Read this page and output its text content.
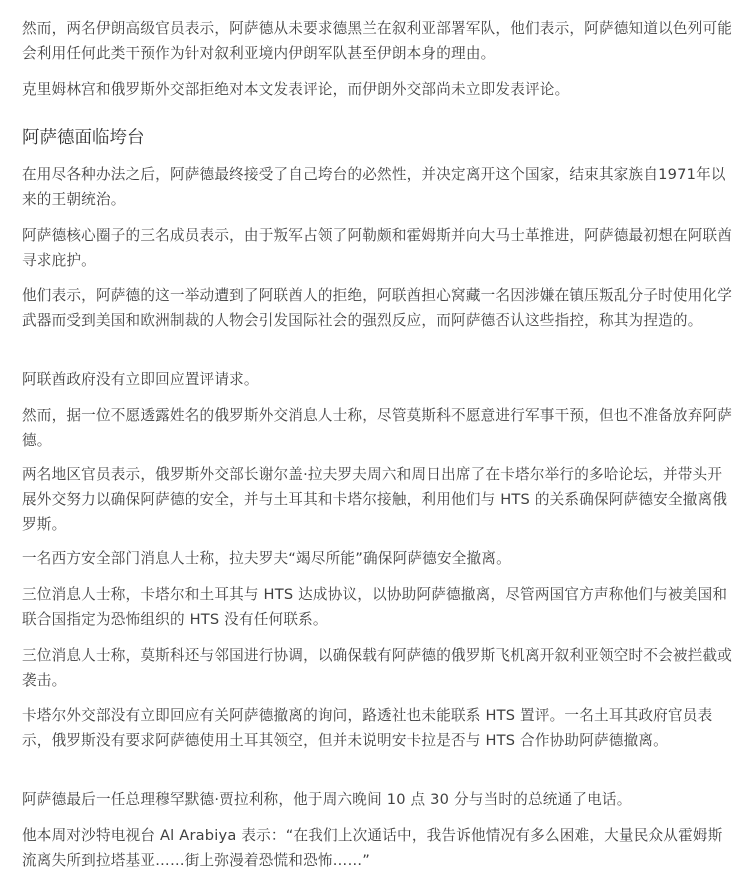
然而，两名伊朗高级官员表示，阿萨德从未要求德黑兰在叙利亚部署军队，他们表示，阿萨德知道以色列可能会利用任何此类干预作为针对叙利亚境内伊朗军队甚至伊朗本身的理由。

克里姆林宫和俄罗斯外交部拒绝对本文发表评论，而伊朗外交部尚未立即发表评论。

阿萨德面临垮台

在用尽各种办法之后，阿萨德最终接受了自己垮台的必然性，并决定离开这个国家，结束其家族自1971年以来的王朝统治。

阿萨德核心圈子的三名成员表示，由于叛军占领了阿勒颇和霍姆斯并向大马士革推进，阿萨德最初想在阿联酋寻求庇护。

他们表示，阿萨德的这一举动遭到了阿联酋人的拒绝，阿联酋担心窝藏一名因涉嫌在镇压叛乱分子时使用化学武器而受到美国和欧洲制裁的人物会引发国际社会的强烈反应，而阿萨德否认这些指控，称其为捏造的。

阿联酋政府没有立即回应置评请求。

然而，据一位不愿透露姓名的俄罗斯外交消息人士称，尽管莫斯科不愿意进行军事干预，但也不准备放弃阿萨德。

两名地区官员表示，俄罗斯外交部长谢尔盖·拉夫罗夫周六和周日出席了在卡塔尔举行的多哈论坛，并带头开展外交努力以确保阿萨德的安全，并与土耳其和卡塔尔接触，利用他们与 HTS 的关系确保阿萨德安全撤离俄罗斯。

一名西方安全部门消息人士称，拉夫罗夫“竭尽所能”确保阿萨德安全撤离。

三位消息人士称，卡塔尔和土耳其与 HTS 达成协议，以协助阿萨德撤离，尽管两国官方声称他们与被美国和联合国指定为恐怖组织的 HTS 没有任何联系。

三位消息人士称，莫斯科还与邻国进行协调，以确保载有阿萨德的俄罗斯飞机离开叙利亚领空时不会被拦截或袭击。

卡塔尔外交部没有立即回应有关阿萨德撤离的询问，路透社也未能联系 HTS 置评。一名土耳其政府官员表示，俄罗斯没有要求阿萨德使用土耳其领空，但并未说明安卡拉是否与 HTS 合作协助阿萨德撤离。

阿萨德最后一任总理穆罕默德·贾拉利称，他于周六晚间 10 点 30 分与当时的总统通了电话。

他本周对沙特电视台 Al Arabiya 表示：“在我们上次通话中，我告诉他情况有多么困难，大量民众从霍姆斯流离失所到拉塔基亚……街上弥漫着恐慌和恐怖……”
